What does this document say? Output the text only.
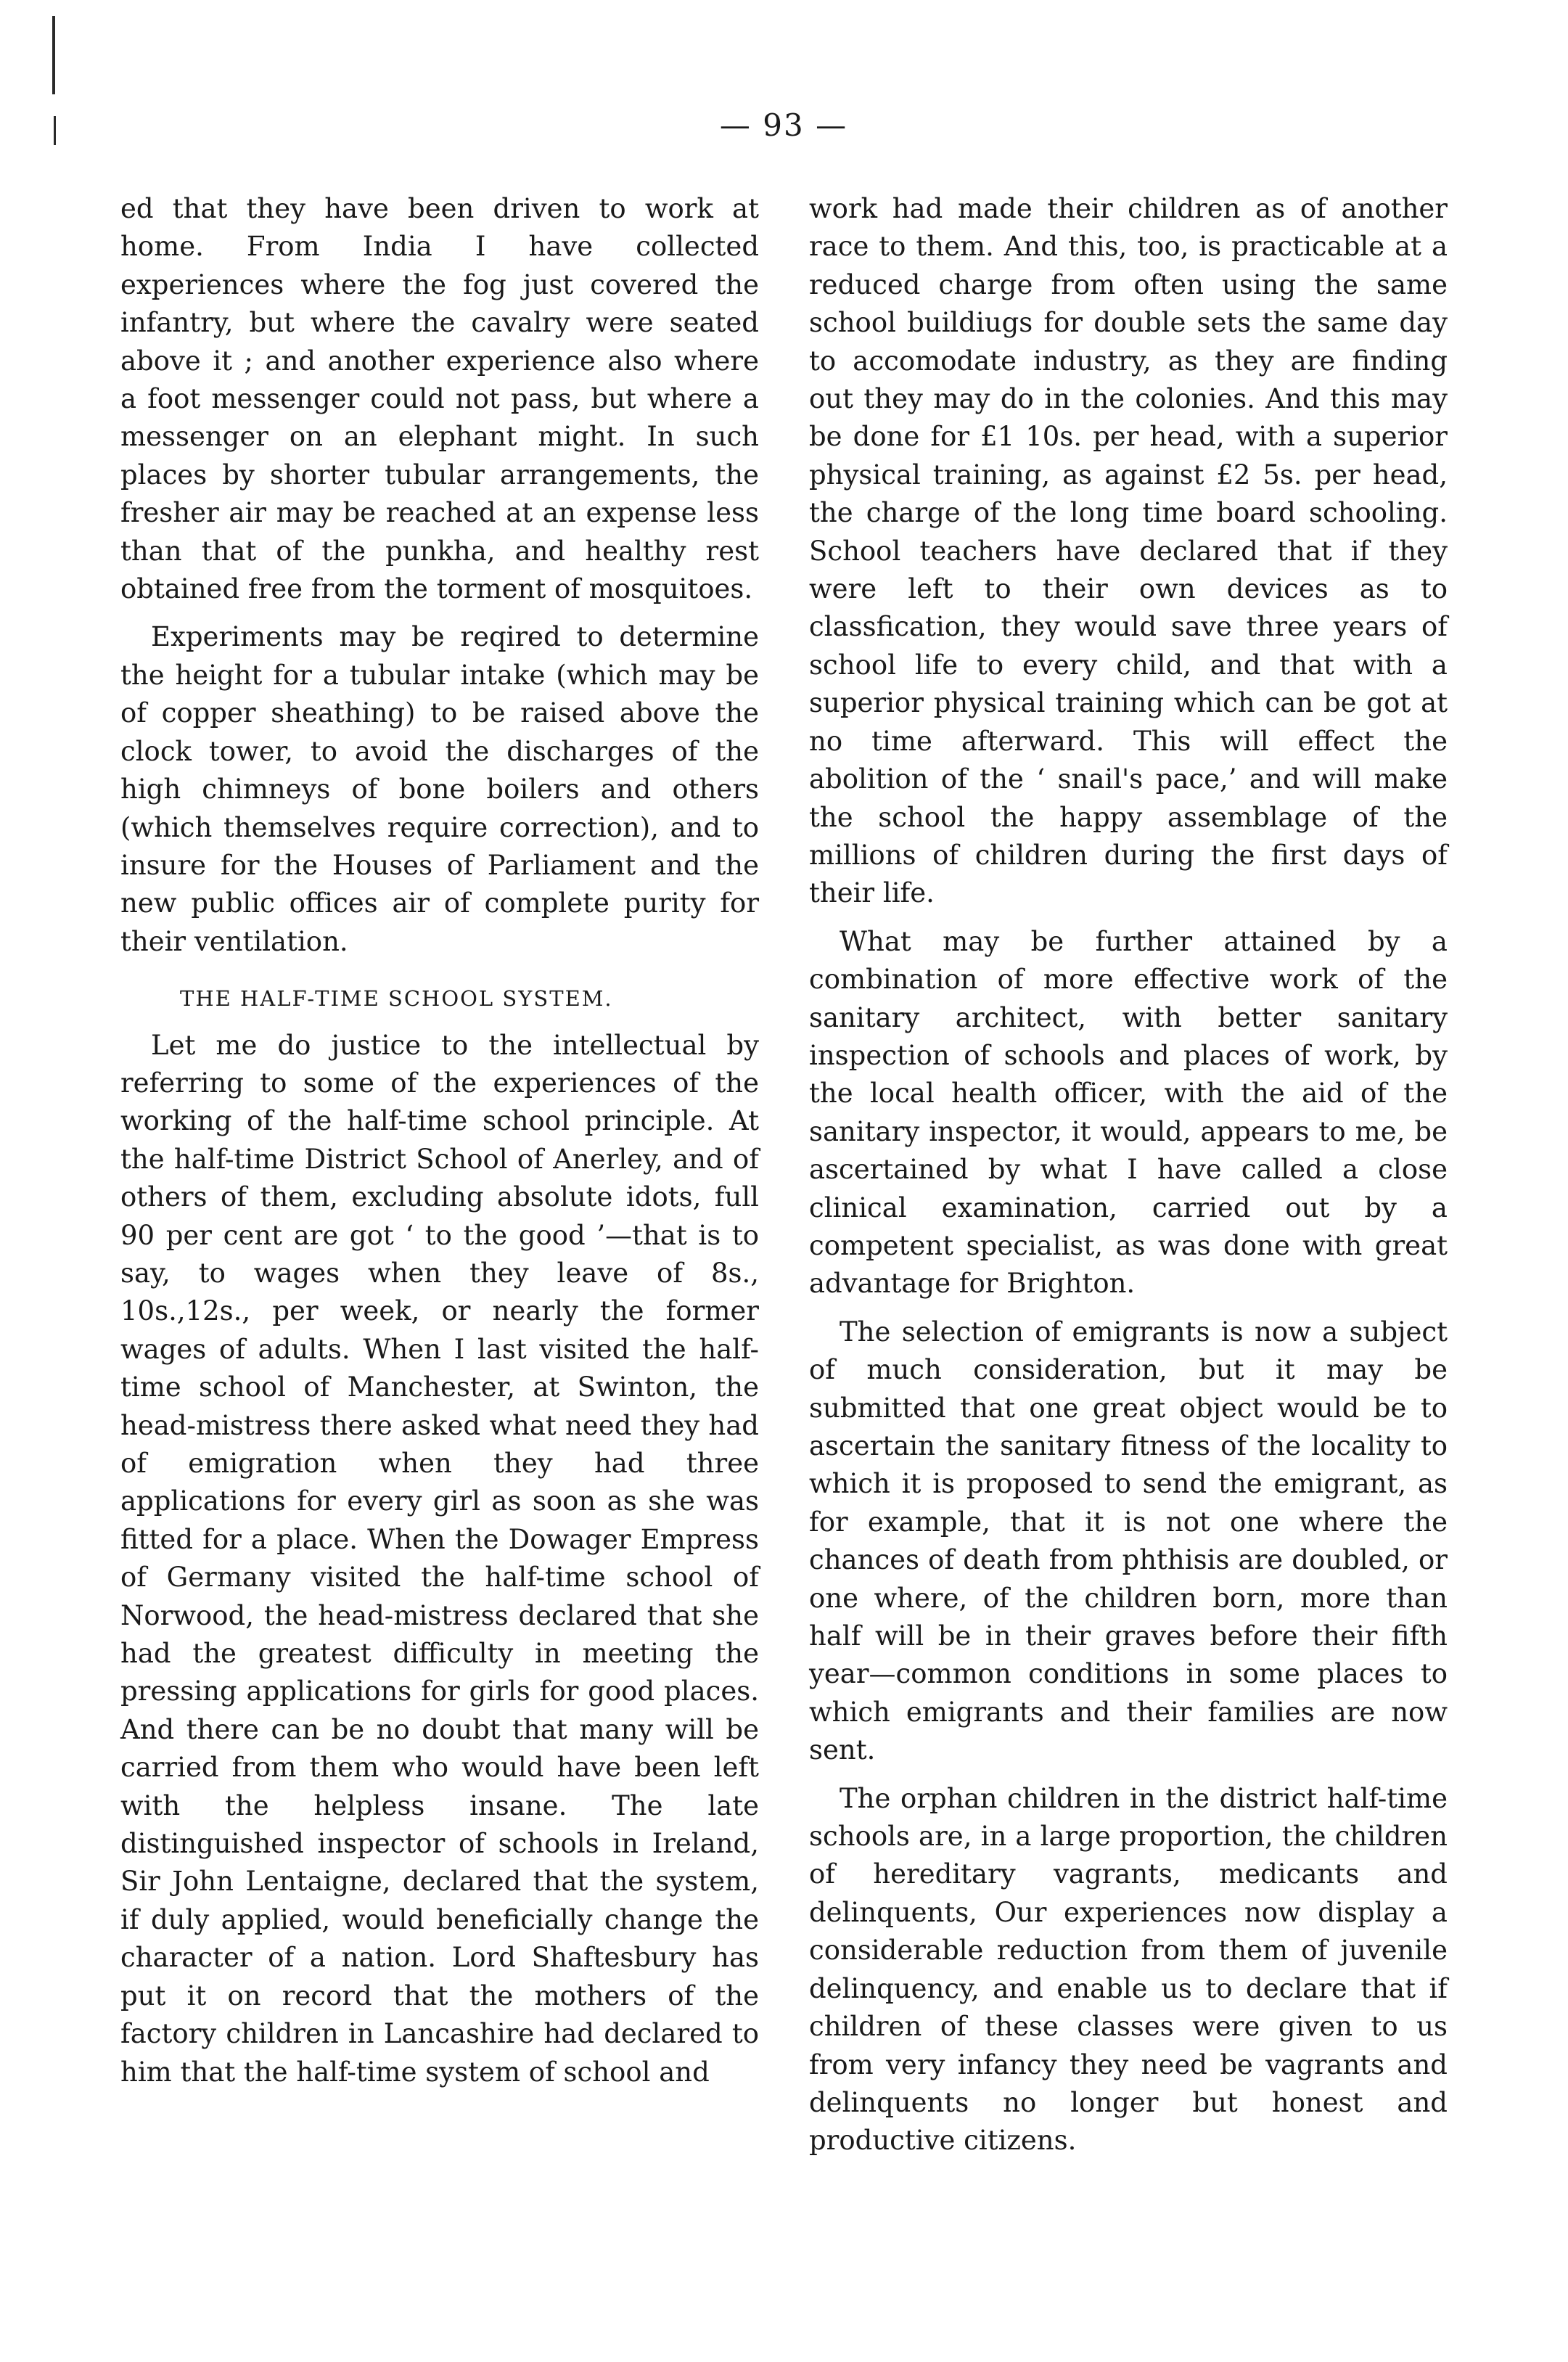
— 93 —

ed that they have been driven to work at home. From India I have collected experiences where the fog just covered the infantry, but where the cavalry were seated above it ; and another experience also where a foot messenger could not pass, but where a messenger on an elephant might. In such places by shorter tubular arrangements, the fresher air may be reached at an expense less than that of the punkha, and healthy rest obtained free from the torment of mosquitoes.

Experiments may be reqired to determine the height for a tubular intake (which may be of copper sheathing) to be raised above the clock tower, to avoid the discharges of the high chimneys of bone boilers and others (which themselves require correction), and to insure for the Houses of Parliament and the new public offices air of complete purity for their ventilation.

THE HALF-TIME SCHOOL SYSTEM.

Let me do justice to the intellectual by referring to some of the experiences of the working of the half-time school principle. At the half-time District School of Anerley, and of others of them, excluding absolute idots, full 90 per cent are got ‘ to the good ’—that is to say, to wages when they leave of 8s., 10s.,12s., per week, or nearly the former wages of adults. When I last visited the half-time school of Manchester, at Swinton, the head-mistress there asked what need they had of emigration when they had three applications for every girl as soon as she was fitted for a place. When the Dowager Empress of Germany visited the half-time school of Norwood, the head-mistress declared that she had the greatest difficulty in meeting the pressing applications for girls for good places. And there can be no doubt that many will be carried from them who would have been left with the helpless insane. The late distinguished inspector of schools in Ireland, Sir John Lentaigne, declared that the system, if duly applied, would beneficially change the character of a nation. Lord Shaftesbury has put it on record that the mothers of the factory children in Lancashire had declared to him that the half-time system of school and

work had made their children as of another race to them. And this, too, is practicable at a reduced charge from often using the same school buildiugs for double sets the same day to accomodate industry, as they are finding out they may do in the colonies. And this may be done for £1 10s. per head, with a superior physical training, as against £2 5s. per head, the charge of the long time board schooling. School teachers have declared that if they were left to their own devices as to classfication, they would save three years of school life to every child, and that with a superior physical training which can be got at no time afterward. This will effect the abolition of the ‘ snail's pace,’ and will make the school the happy assemblage of the millions of children during the first days of their life.

What may be further attained by a combination of more effective work of the sanitary architect, with better sanitary inspection of schools and places of work, by the local health officer, with the aid of the sanitary inspector, it would, appears to me, be ascertained by what I have called a close clinical examination, carried out by a competent specialist, as was done with great advantage for Brighton.

The selection of emigrants is now a subject of much consideration, but it may be submitted that one great object would be to ascertain the sanitary fitness of the locality to which it is proposed to send the emigrant, as for example, that it is not one where the chances of death from phthisis are doubled, or one where, of the children born, more than half will be in their graves before their fifth year—common conditions in some places to which emigrants and their families are now sent.

The orphan children in the district half-time schools are, in a large proportion, the children of hereditary vagrants, medicants and delinquents, Our experiences now display a considerable reduction from them of juvenile delinquency, and enable us to declare that if children of these classes were given to us from very infancy they need be vagrants and delinquents no longer but honest and productive citizens.
